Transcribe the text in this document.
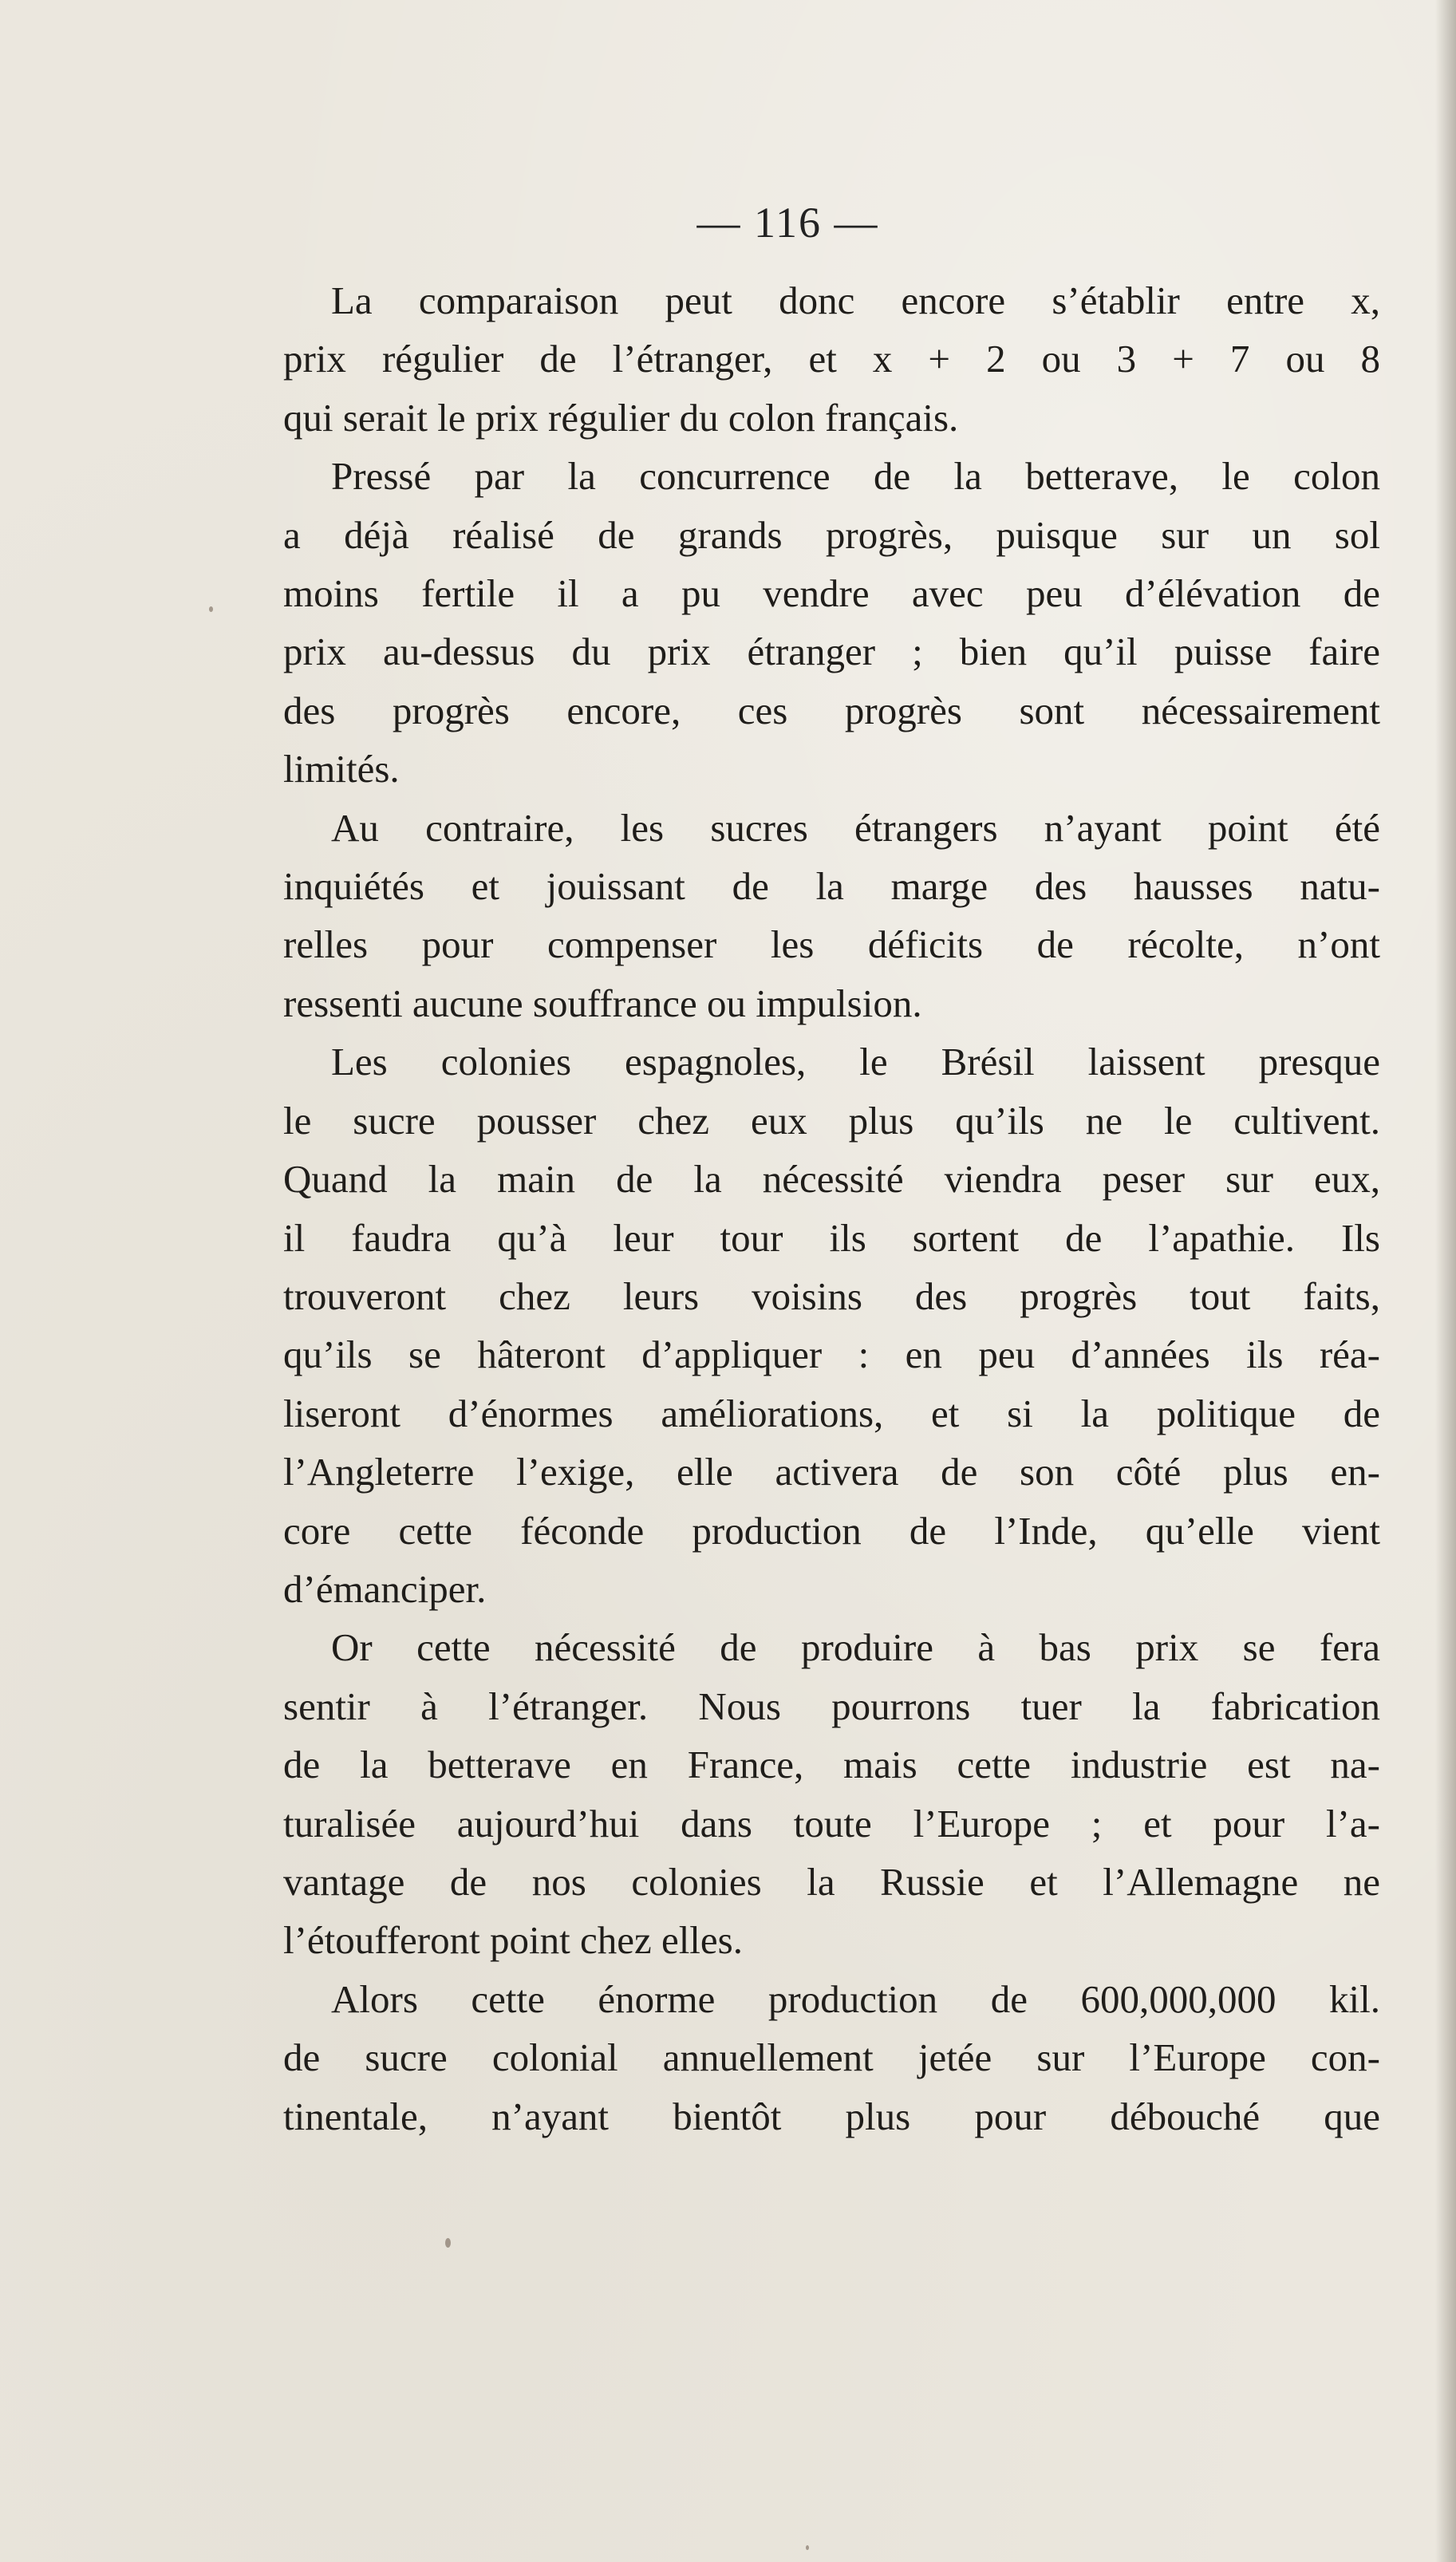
— 116 —
La comparaison peut donc encore s’établir entre x,
prix régulier de l’étranger, et x + 2 ou 3 + 7 ou 8
qui serait le prix régulier du colon français.
Pressé par la concurrence de la betterave, le colon
a déjà réalisé de grands progrès, puisque sur un sol
moins fertile il a pu vendre avec peu d’élévation de
prix au-dessus du prix étranger ; bien qu’il puisse faire
des progrès encore, ces progrès sont nécessairement
limités.
Au contraire, les sucres étrangers n’ayant point été
inquiétés et jouissant de la marge des hausses natu-
relles pour compenser les déficits de récolte, n’ont
ressenti aucune souffrance ou impulsion.
Les colonies espagnoles, le Brésil laissent presque
le sucre pousser chez eux plus qu’ils ne le cultivent.
Quand la main de la nécessité viendra peser sur eux,
il faudra qu’à leur tour ils sortent de l’apathie. Ils
trouveront chez leurs voisins des progrès tout faits,
qu’ils se hâteront d’appliquer : en peu d’années ils réa-
liseront d’énormes améliorations, et si la politique de
l’Angleterre l’exige, elle activera de son côté plus en-
core cette féconde production de l’Inde, qu’elle vient
d’émanciper.
Or cette nécessité de produire à bas prix se fera
sentir à l’étranger. Nous pourrons tuer la fabrication
de la betterave en France, mais cette industrie est na-
turalisée aujourd’hui dans toute l’Europe ; et pour l’a-
vantage de nos colonies la Russie et l’Allemagne ne
l’étoufferont point chez elles.
Alors cette énorme production de 600,000,000 kil.
de sucre colonial annuellement jetée sur l’Europe con-
tinentale, n’ayant bientôt plus pour débouché que
